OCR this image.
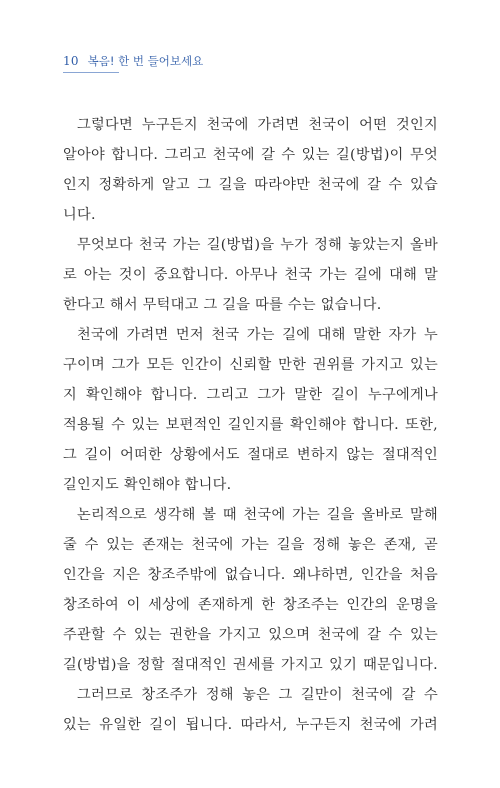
10 복음! 한 번 들어보세요
그렇다면 누구든지 천국에 가려면 천국이 어떤 것인지
알아야 합니다. 그리고 천국에 갈 수 있는 길(방법)이 무엇
인지 정확하게 알고 그 길을 따라야만 천국에 갈 수 있습
니다.
무엇보다 천국 가는 길(방법)을 누가 정해 놓았는지 올바
로 아는 것이 중요합니다. 아무나 천국 가는 길에 대해 말
한다고 해서 무턱대고 그 길을 따를 수는 없습니다.
천국에 가려면 먼저 천국 가는 길에 대해 말한 자가 누
구이며 그가 모든 인간이 신뢰할 만한 권위를 가지고 있는
지 확인해야 합니다. 그리고 그가 말한 길이 누구에게나
적용될 수 있는 보편적인 길인지를 확인해야 합니다. 또한,
그 길이 어떠한 상황에서도 절대로 변하지 않는 절대적인
길인지도 확인해야 합니다.
논리적으로 생각해 볼 때 천국에 가는 길을 올바로 말해
줄 수 있는 존재는 천국에 가는 길을 정해 놓은 존재, 곧
인간을 지은 창조주밖에 없습니다. 왜냐하면, 인간을 처음
창조하여 이 세상에 존재하게 한 창조주는 인간의 운명을
주관할 수 있는 권한을 가지고 있으며 천국에 갈 수 있는
길(방법)을 정할 절대적인 권세를 가지고 있기 때문입니다.
그러므로 창조주가 정해 놓은 그 길만이 천국에 갈 수
있는 유일한 길이 됩니다. 따라서, 누구든지 천국에 가려
